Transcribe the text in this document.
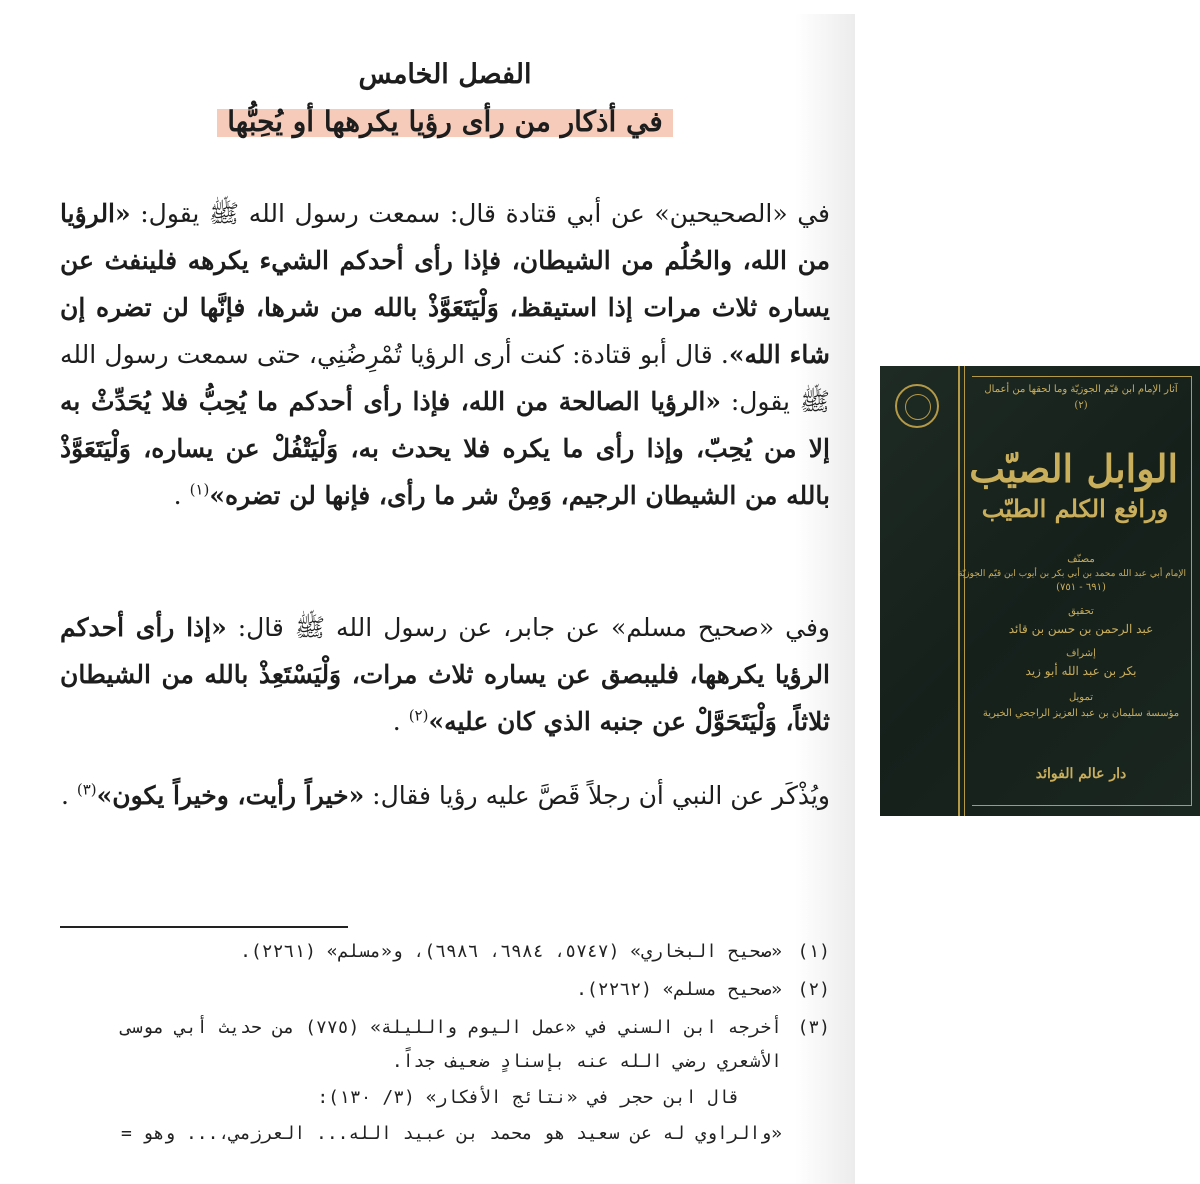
الفصل الخامس
في أذكار من رأى رؤيا يكرهها أو يُحِبُّها
في «الصحيحين» عن أبي قتادة قال: سمعت رسول الله ﷺ يقول: «الرؤيا من الله، والحُلُم من الشيطان، فإذا رأى أحدكم الشيء يكرهه فلينفث عن يساره ثلاث مرات إذا استيقظ، وَلْيَتَعَوَّذْ بالله من شرها، فإنَّها لن تضره إن شاء الله». قال أبو قتادة: كنت أرى الرؤيا تُمْرِضُنِي، حتى سمعت رسول الله ﷺ يقول: «الرؤيا الصالحة من الله، فإذا رأى أحدكم ما يُحِبُّ فلا يُحَدِّثْ به إلا من يُحِبّ، وإذا رأى ما يكره فلا يحدث به، وَلْيَتْفُلْ عن يساره، وَلْيَتَعَوَّذْ بالله من الشيطان الرجيم، وَمِنْ شر ما رأى، فإنها لن تضره»$^{(١)}$ .
وفي «صحيح مسلم» عن جابر، عن رسول الله ﷺ قال: «إذا رأى أحدكم الرؤيا يكرهها، فليبصق عن يساره ثلاث مرات، وَلْيَسْتَعِذْ بالله من الشيطان ثلاثاً، وَلْيَتَحَوَّلْ عن جنبه الذي كان عليه»$^{(٢)}$ .
ويُذْكَر عن النبي أن رجلاً قَصَّ عليه رؤيا فقال: «خيراً رأيت، وخيراً يكون»$^{(٣)}$ .
(١)«صحيح البخاري» (٥٧٤٧، ٦٩٨٤، ٦٩٨٦)، و«مسلم» (٢٢٦١).
(٢)«صحيح مسلم» (٢٢٦٢).
(٣)أخرجه ابن السني في «عمل اليوم والليلة» (٧٧٥) من حديث أبي موسى
الأشعري رضي الله عنه بإسنادٍ ضعيف جداً.
قال ابن حجر في «نتائج الأفكار» (٣/ ١٣٠):
«والراوي له عن سعيد هو محمد بن عبيد الله... العرزمي،... وهو =
آثار الإمام ابن قيّم الجوزيّة وما لحقها من أعمال
(٢)
الوابل الصيّب
ورافع الكلم الطيّب
مصنّف
الإمام أبي عبد الله محمد بن أبي بكر بن أيوب ابن قيّم الجوزيّة
(٦٩١ - ٧٥١)
تحقيق
عبد الرحمن بن حسن بن قائد
إشراف
بكر بن عبد الله أبو زيد
تمويل
مؤسسة سليمان بن عبد العزيز الراجحي الخيرية
دار عالم الفوائد
